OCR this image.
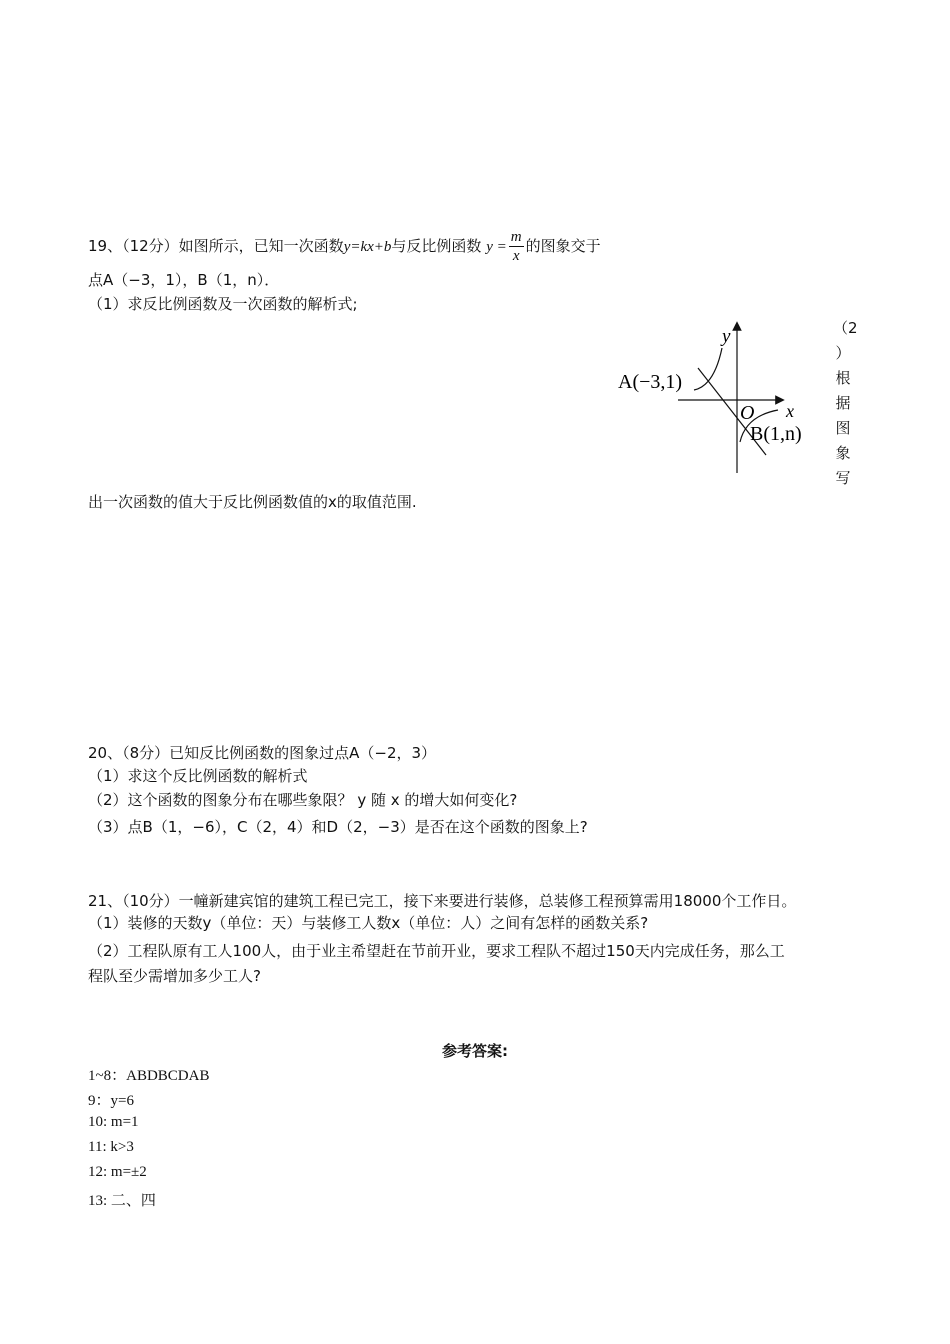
19、（12分）如图所示，已知一次函数y=kx+b与反比例函数 $y = \frac{m}{x}$ 的图象交于
点A（−3，1），B（1，n）．
（1）求反比例函数及一次函数的解析式;
（2
）
根
据
图
象
写
y
x
O
A(−3,1)
B(1,n)
出一次函数的值大于反比例函数值的x的取值范围.
20、（8分）已知反比例函数的图象过点A（−2，3）
（1）求这个反比例函数的解析式
（2）这个函数的图象分布在哪些象限？ y 随 x 的增大如何变化?
（3）点B（1，−6），C（2，4）和D（2，−3）是否在这个函数的图象上?
21、（10分）一幢新建宾馆的建筑工程已完工，接下来要进行装修，总装修工程预算需用18000个工作日。
（1）装修的天数y（单位：天）与装修工人数x（单位：人）之间有怎样的函数关系?
（2）工程队原有工人100人，由于业主希望赶在节前开业，要求工程队不超过150天内完成任务，那么工
程队至少需增加多少工人?
参考答案:
1~8：ABDBCDAB
9：y=6
10: m=1
11: k>3
12: m=±2
13: 二、四
